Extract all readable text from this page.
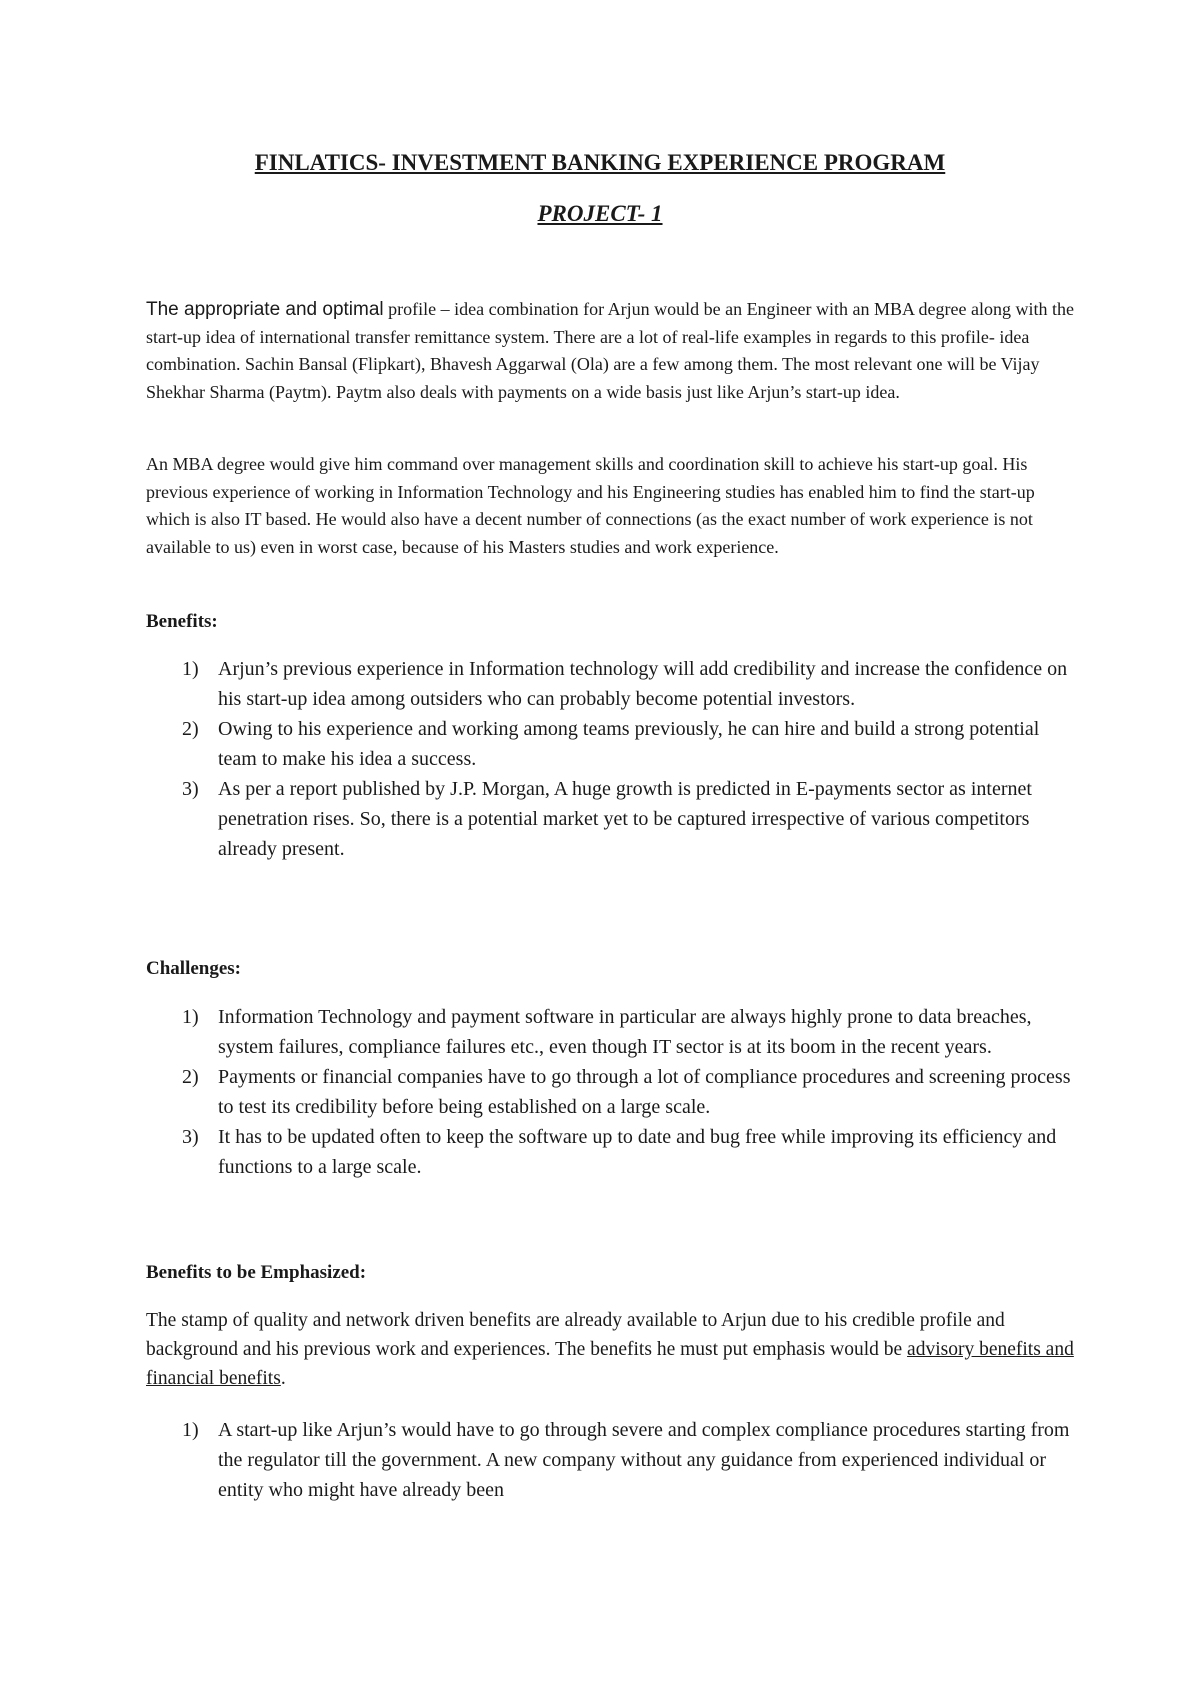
FINLATICS- INVESTMENT BANKING EXPERIENCE PROGRAM
PROJECT- 1
The appropriate and optimal profile – idea combination for Arjun would be an Engineer with an MBA degree along with the start-up idea of international transfer remittance system. There are a lot of real-life examples in regards to this profile- idea combination. Sachin Bansal (Flipkart), Bhavesh Aggarwal (Ola) are a few among them. The most relevant one will be Vijay Shekhar Sharma (Paytm). Paytm also deals with payments on a wide basis just like Arjun’s start-up idea.
An MBA degree would give him command over management skills and coordination skill to achieve his start-up goal. His previous experience of working in Information Technology and his Engineering studies has enabled him to find the start-up which is also IT based. He would also have a decent number of connections (as the exact number of work experience is not available to us) even in worst case, because of his Masters studies and work experience.
Benefits:
1) Arjun’s previous experience in Information technology will add credibility and increase the confidence on his start-up idea among outsiders who can probably become potential investors.
2) Owing to his experience and working among teams previously, he can hire and build a strong potential team to make his idea a success.
3) As per a report published by J.P. Morgan, A huge growth is predicted in E-payments sector as internet penetration rises. So, there is a potential market yet to be captured irrespective of various competitors already present.
Challenges:
1) Information Technology and payment software in particular are always highly prone to data breaches, system failures, compliance failures etc., even though IT sector is at its boom in the recent years.
2) Payments or financial companies have to go through a lot of compliance procedures and screening process to test its credibility before being established on a large scale.
3) It has to be updated often to keep the software up to date and bug free while improving its efficiency and functions to a large scale.
Benefits to be Emphasized:
The stamp of quality and network driven benefits are already available to Arjun due to his credible profile and background and his previous work and experiences. The benefits he must put emphasis would be advisory benefits and financial benefits.
1) A start-up like Arjun’s would have to go through severe and complex compliance procedures starting from the regulator till the government. A new company without any guidance from experienced individual or entity who might have already been
